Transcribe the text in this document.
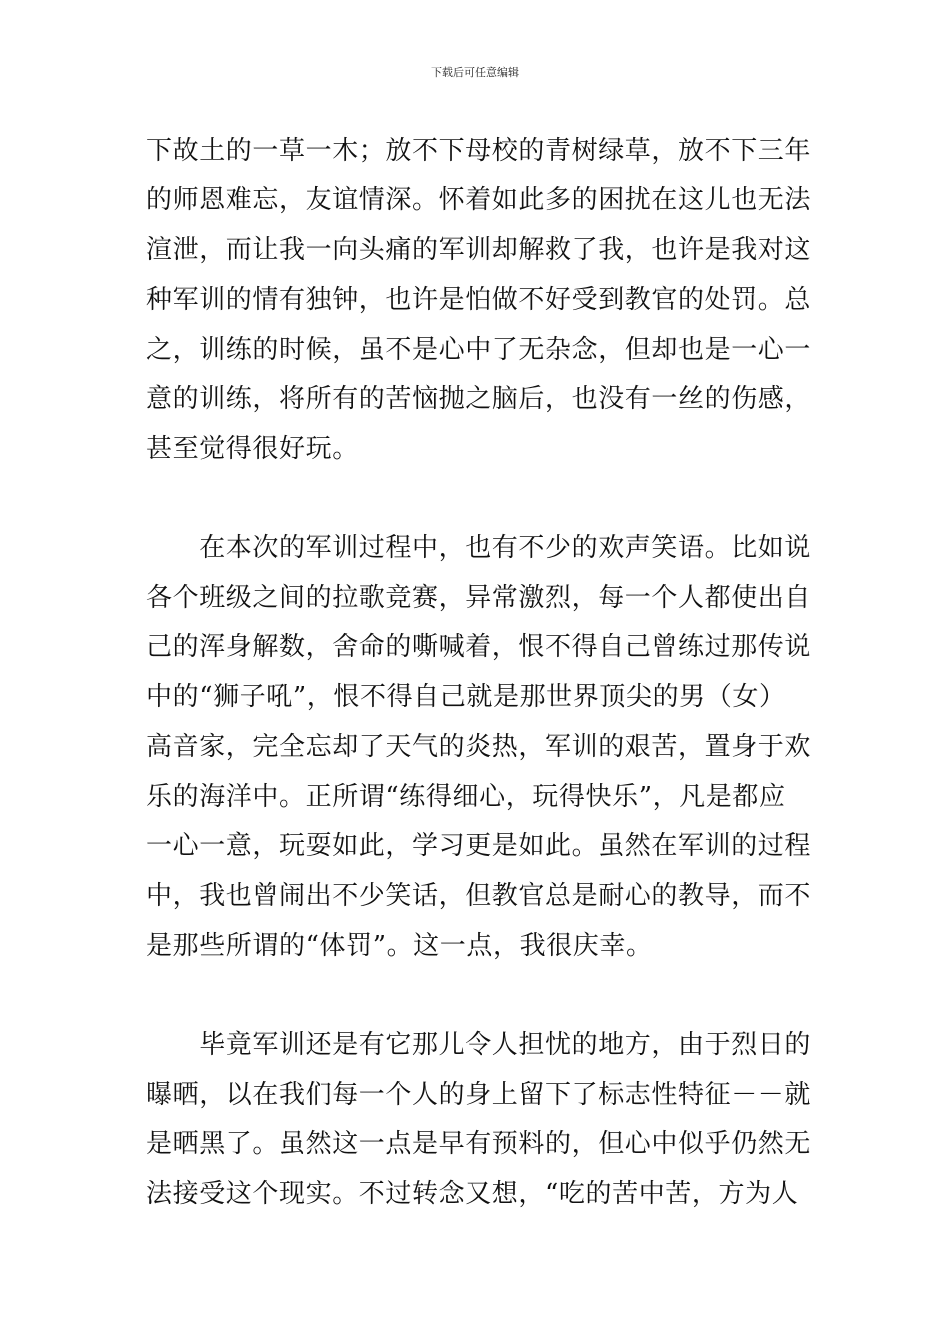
下载后可任意编辑
下故土的一草一木；放不下母校的青树绿草，放不下三年
的师恩难忘，友谊情深。怀着如此多的困扰在这儿也无法
渲泄，而让我一向头痛的军训却解救了我，也许是我对这
种军训的情有独钟，也许是怕做不好受到教官的处罚。总
之，训练的时候，虽不是心中了无杂念，但却也是一心一
意的训练，将所有的苦恼抛之脑后，也没有一丝的伤感，
甚至觉得很好玩。
　　在本次的军训过程中，也有不少的欢声笑语。比如说
各个班级之间的拉歌竞赛，异常激烈，每一个人都使出自
己的浑身解数，舍命的嘶喊着，恨不得自己曾练过那传说
中的“狮子吼”，恨不得自己就是那世界顶尖的男（女）
高音家，完全忘却了天气的炎热，军训的艰苦，置身于欢
乐的海洋中。正所谓“练得细心，玩得快乐”，凡是都应
一心一意，玩耍如此，学习更是如此。虽然在军训的过程
中，我也曾闹出不少笑话，但教官总是耐心的教导，而不
是那些所谓的“体罚”。这一点，我很庆幸。
　　毕竟军训还是有它那儿令人担忧的地方，由于烈日的
曝晒，以在我们每一个人的身上留下了标志性特征－－就
是晒黑了。虽然这一点是早有预料的，但心中似乎仍然无
法接受这个现实。不过转念又想，“吃的苦中苦，方为人
